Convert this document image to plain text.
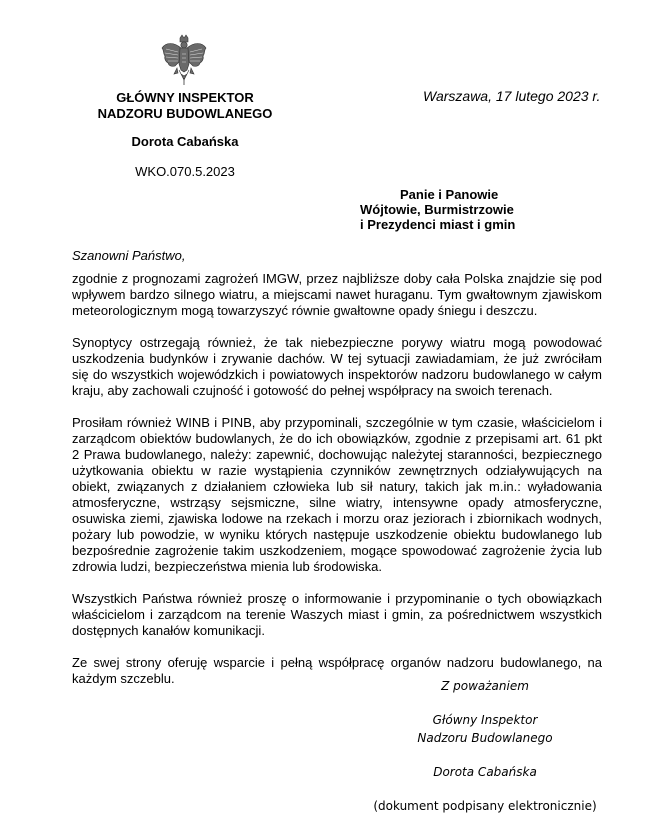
GŁÓWNY INSPEKTOR
NADZORU BUDOWLANEGO
Dorota Cabańska
WKO.070.5.2023
Warszawa, 17 lutego 2023 r.
Panie i Panowie
Wójtowie, Burmistrzowie
i Prezydenci miast i gmin
Szanowni Państwo,

zgodnie z prognozami zagrożeń IMGW, przez najbliższe doby cała Polska znajdzie się pod wpływem bardzo silnego wiatru, a miejscami nawet huraganu. Tym gwałtownym zjawiskom meteorologicznym mogą towarzyszyć równie gwałtowne opady śniegu i deszczu.

Synoptycy ostrzegają również, że tak niebezpieczne porywy wiatru mogą powodować uszkodzenia budynków i zrywanie dachów. W tej sytuacji zawiadamiam, że już zwróciłam się do wszystkich wojewódzkich i powiatowych inspektorów nadzoru budowlanego w całym kraju, aby zachowali czujność i gotowość do pełnej współpracy na swoich terenach.

Prosiłam również WINB i PINB, aby przypominali, szczególnie w tym czasie, właścicielom i zarządcom obiektów budowlanych, że do ich obowiązków, zgodnie z przepisami art. 61 pkt 2 Prawa budowlanego, należy: zapewnić, dochowując należytej staranności, bezpiecznego użytkowania obiektu w razie wystąpienia czynników zewnętrznych odziaływujących na obiekt, związanych z działaniem człowieka lub sił natury, takich jak m.in.: wyładowania atmosferyczne, wstrząsy sejsmiczne, silne wiatry, intensywne opady atmosferyczne, osuwiska ziemi, zjawiska lodowe na rzekach i morzu oraz jeziorach i zbiornikach wodnych, pożary lub powodzie, w wyniku których następuje uszkodzenie obiektu budowlanego lub bezpośrednie zagrożenie takim uszkodzeniem, mogące spowodować zagrożenie życia lub zdrowia ludzi, bezpieczeństwa mienia lub środowiska.

Wszystkich Państwa również proszę o informowanie i przypominanie o tych obowiązkach właścicielom i zarządcom na terenie Waszych miast i gmin, za pośrednictwem wszystkich dostępnych kanałów komunikacji.

Ze swej strony oferuję wsparcie i pełną współpracę organów nadzoru budowlanego, na każdym szczeblu.	Z poważaniem
Główny Inspektor
Nadzoru Budowlanego
Dorota Cabańska
(dokument podpisany elektronicznie)
